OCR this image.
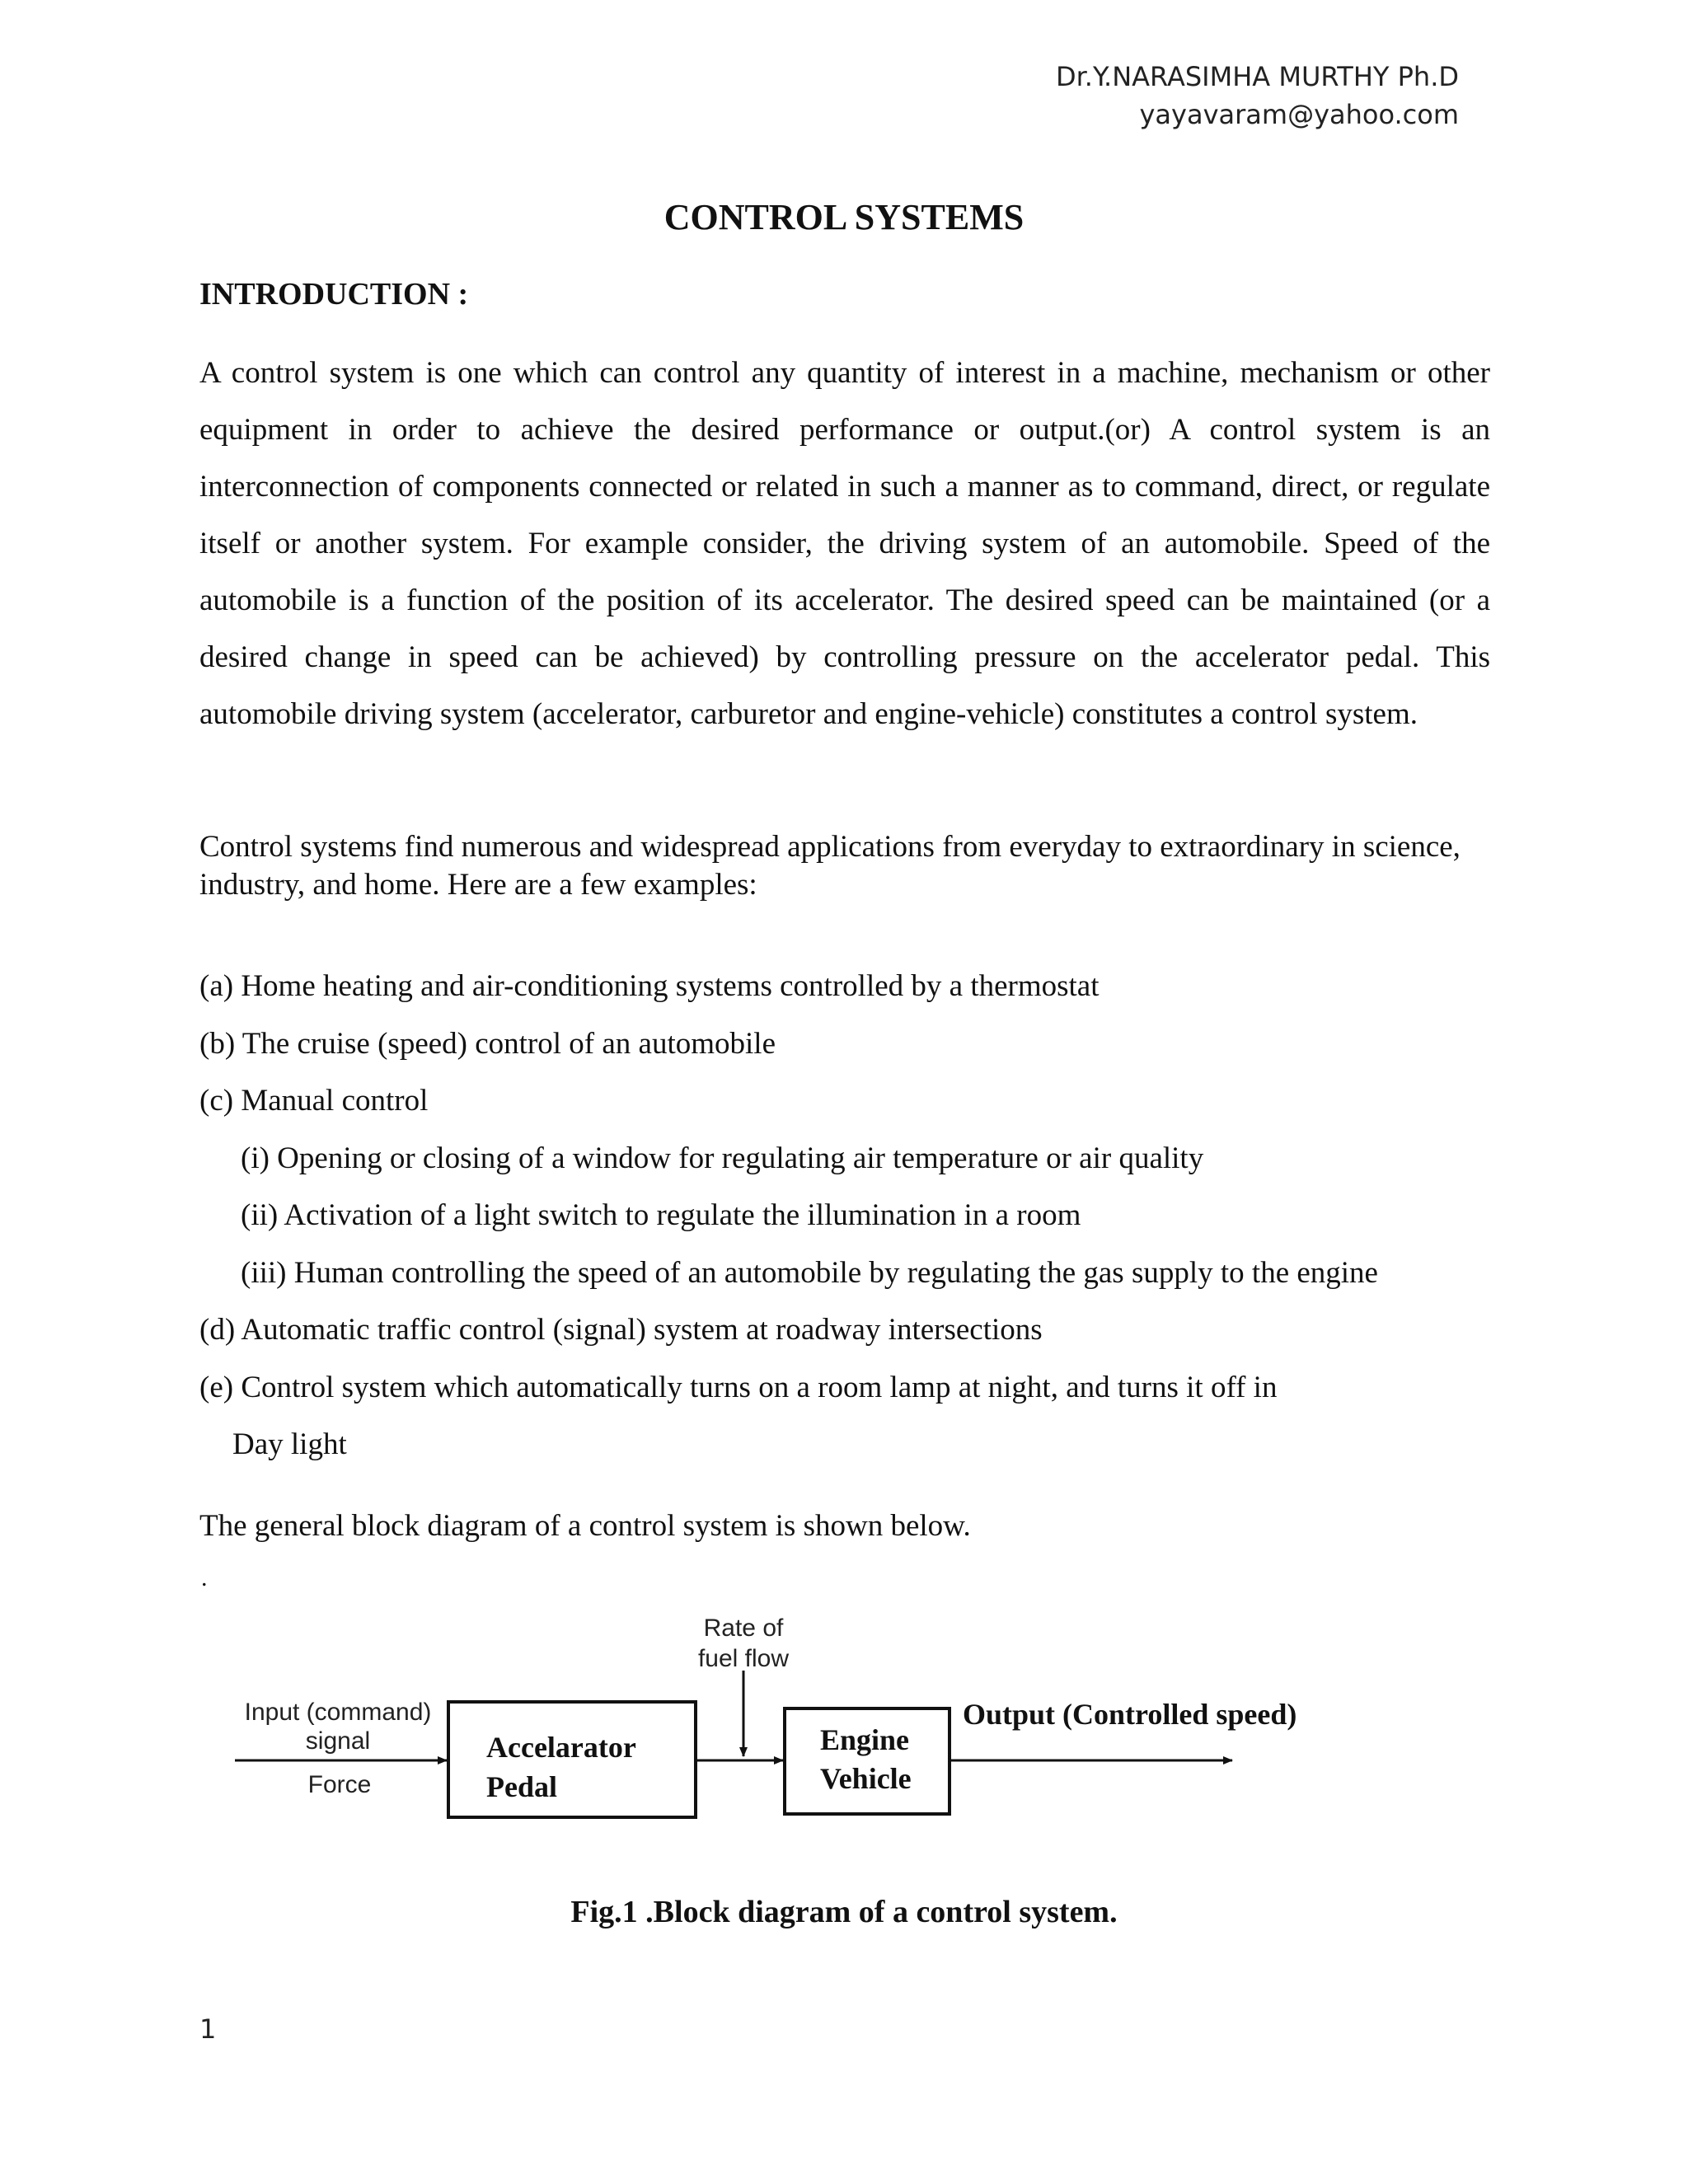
Dr.Y.NARASIMHA MURTHY Ph.D
yayavaram@yahoo.com
CONTROL SYSTEMS
INTRODUCTION :

A control system is one which can control any quantity of interest in a machine, mechanism or other equipment in order to achieve the desired performance or output.(or) A control system is an interconnection of components connected or related in such a manner as to command, direct, or regulate itself or another system. For example consider, the driving system of an automobile. Speed of the automobile is a function of the position of its accelerator. The desired speed can be maintained (or a desired change in speed can be achieved) by controlling pressure on the accelerator pedal. This automobile driving system (accelerator, carburetor and engine-vehicle) constitutes a control system.

Control systems find numerous and widespread applications from everyday to extraordinary in science, industry, and home. Here are a few examples:

(a) Home heating and air-conditioning systems controlled by a thermostat
(b) The cruise (speed) control of an automobile
(c) Manual control
(i) Opening or closing of a window for regulating air temperature or air quality
(ii) Activation of a light switch to regulate the illumination in a room
(iii) Human controlling the speed of an automobile by regulating the gas supply to the engine
(d) Automatic traffic control (signal) system at roadway intersections
(e) Control system which automatically turns on a room lamp at night, and turns it off in
Day light

The general block diagram of a control system is shown below.

.
Input (command)
signal
Force
Accelarator
Pedal
Rate of
fuel flow
Engine
Vehicle
Output (Controlled speed)
Fig.1 .Block diagram of a control system.
1
